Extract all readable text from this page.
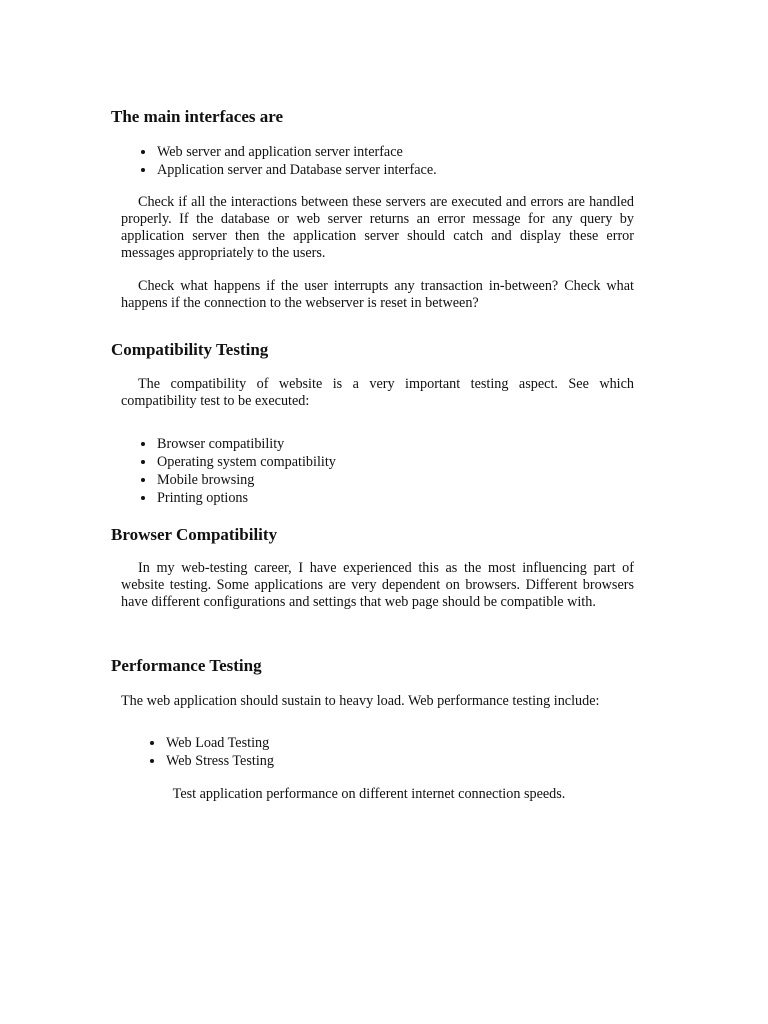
The main interfaces are
Web server and application server interface
Application server and Database server interface.

Check if all the interactions between these servers are executed and errors are handled properly. If the database or web server returns an error message for any query by application server then the application server should catch and display these error messages appropriately to the users.

Check what happens if the user interrupts any transaction in-between? Check what happens if the connection to the webserver is reset in between?

Compatibility Testing

The compatibility of website is a very important testing aspect. See which compatibility test to be executed:

Browser compatibility
Operating system compatibility
Mobile browsing
Printing options
Browser Compatibility

In my web-testing career, I have experienced this as the most influencing part of website testing. Some applications are very dependent on browsers. Different browsers have different configurations and settings that web page should be compatible with.

Performance Testing

The web application should sustain to heavy load. Web performance testing include:

Web Load Testing
Web Stress Testing

Test application performance on different internet connection speeds.
